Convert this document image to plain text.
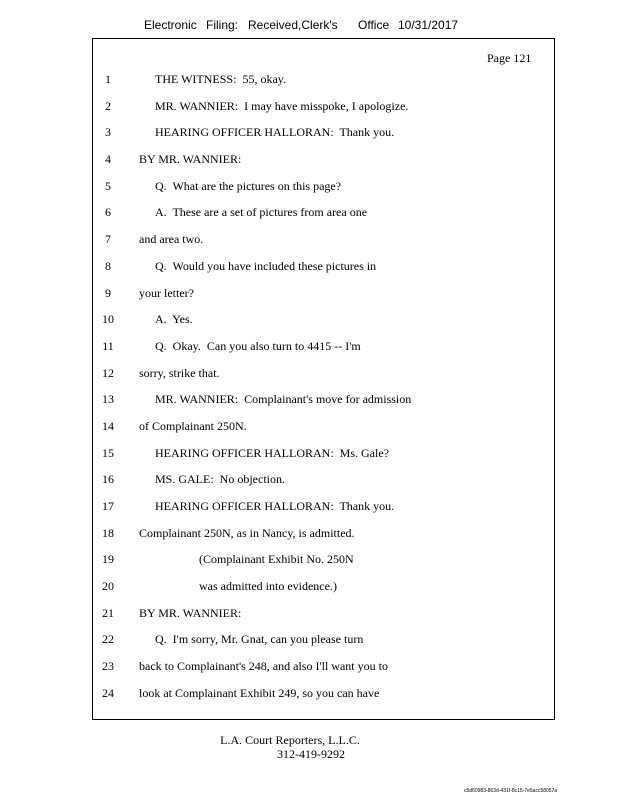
Electronic Filing: Received,Clerk's Office 10/31/2017
Page 121
1	THE WITNESS:  55, okay.
2	MR. WANNIER:  I may have misspoke, I apologize.
3	HEARING OFFICER HALLORAN:  Thank you.
4	BY MR. WANNIER:
5	Q.  What are the pictures on this page?
6	A.  These are a set of pictures from area one
7	and area two.
8	Q.  Would you have included these pictures in
9	your letter?
10	A.  Yes.
11	Q.  Okay.  Can you also turn to 4415 -- I'm
12	sorry, strike that.
13	MR. WANNIER:  Complainant's move for admission
14	of Complainant 250N.
15	HEARING OFFICER HALLORAN:  Ms. Gale?
16	MS. GALE:  No objection.
17	HEARING OFFICER HALLORAN:  Thank you.
18	Complainant 250N, as in Nancy, is admitted.
19	(Complainant Exhibit No. 250N
20	was admitted into evidence.)
21	BY MR. WANNIER:
22	Q.  I'm sorry, Mr. Gnat, can you please turn
23	back to Complainant's 248, and also I'll want you to
24	look at Complainant Exhibit 249, so you can have
L.A. Court Reporters, L.L.C.
312-419-9292
c5d60983-863d-431f-8c15-7e5acc58057a
